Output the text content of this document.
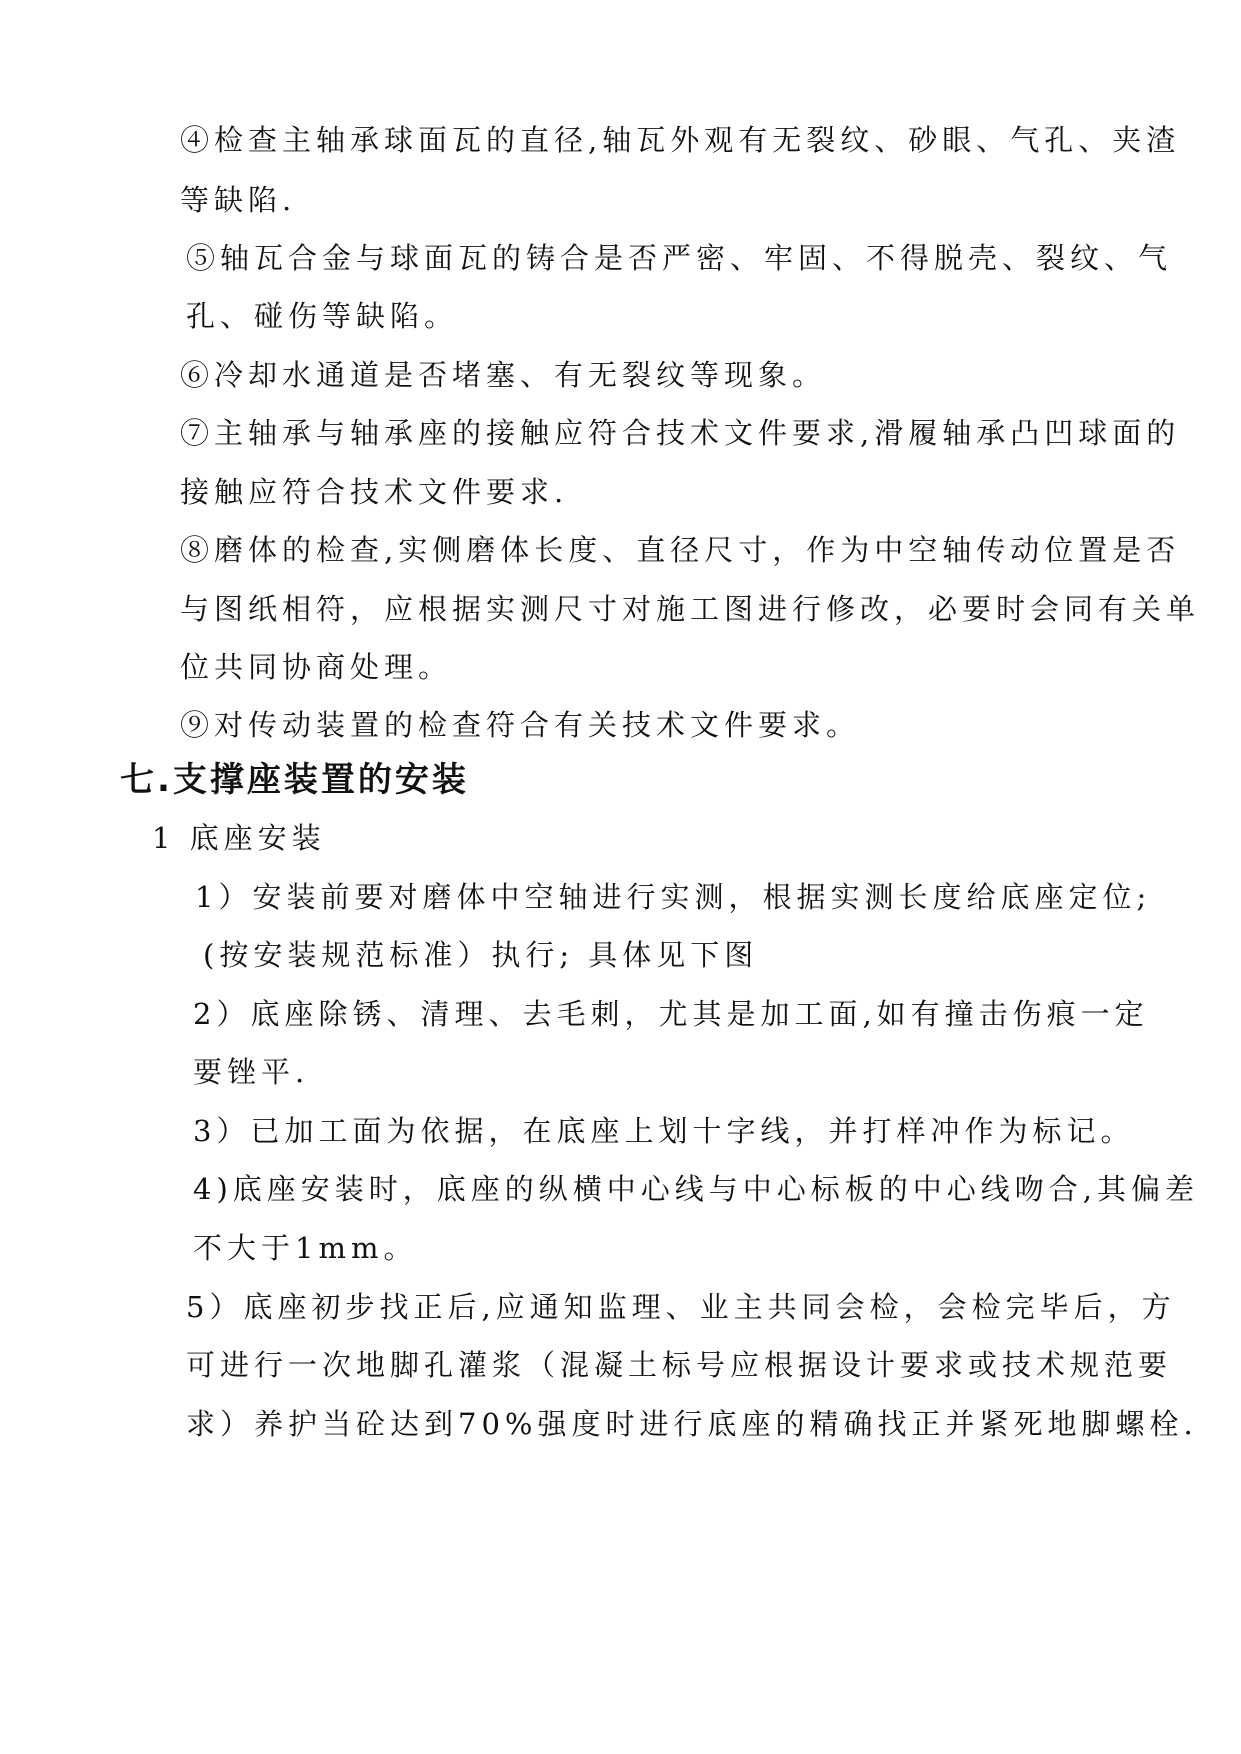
④检查主轴承球面瓦的直径,轴瓦外观有无裂纹、砂眼、气孔、夹渣
等缺陷.
⑤轴瓦合金与球面瓦的铸合是否严密、牢固、不得脱壳、裂纹、气
孔、碰伤等缺陷。
⑥冷却水通道是否堵塞、有无裂纹等现象。
⑦主轴承与轴承座的接触应符合技术文件要求,滑履轴承凸凹球面的
接触应符合技术文件要求.
⑧磨体的检查,实侧磨体长度、直径尺寸，作为中空轴传动位置是否
与图纸相符，应根据实测尺寸对施工图进行修改，必要时会同有关单
位共同协商处理。
⑨对传动装置的检查符合有关技术文件要求。
七.支撑座装置的安装
1 底座安装
1）安装前要对磨体中空轴进行实测，根据实测长度给底座定位;
(按安装规范标准）执行; 具体见下图
2）底座除锈、清理、去毛刺，尤其是加工面,如有撞击伤痕一定
要锉平.
3）已加工面为依据，在底座上划十字线，并打样冲作为标记。
4)底座安装时，底座的纵横中心线与中心标板的中心线吻合,其偏差
不大于1mm。
5）底座初步找正后,应通知监理、业主共同会检，会检完毕后，方
可进行一次地脚孔灌浆（混凝土标号应根据设计要求或技术规范要
求）养护当砼达到70%强度时进行底座的精确找正并紧死地脚螺栓.
